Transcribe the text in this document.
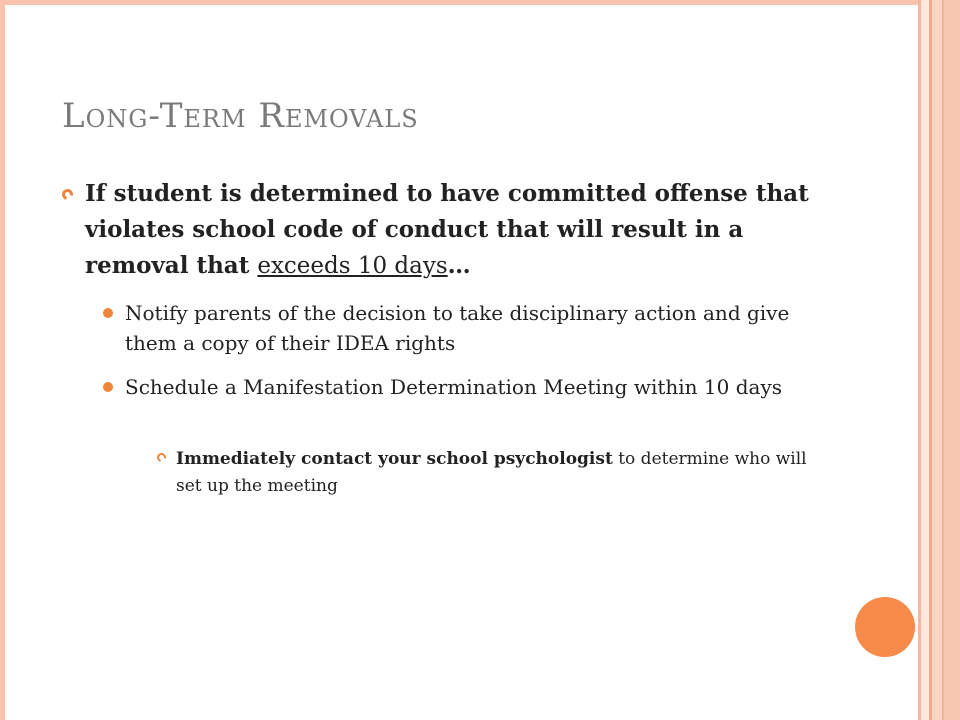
Long-Term Removals
If student is determined to have committed offense that violates school code of conduct that will result in a removal that exceeds 10 days…
Notify parents of the decision to take disciplinary action and give them a copy of their IDEA rights
Schedule a Manifestation Determination Meeting within 10 days
Immediately contact your school psychologist to determine who will set up the meeting
